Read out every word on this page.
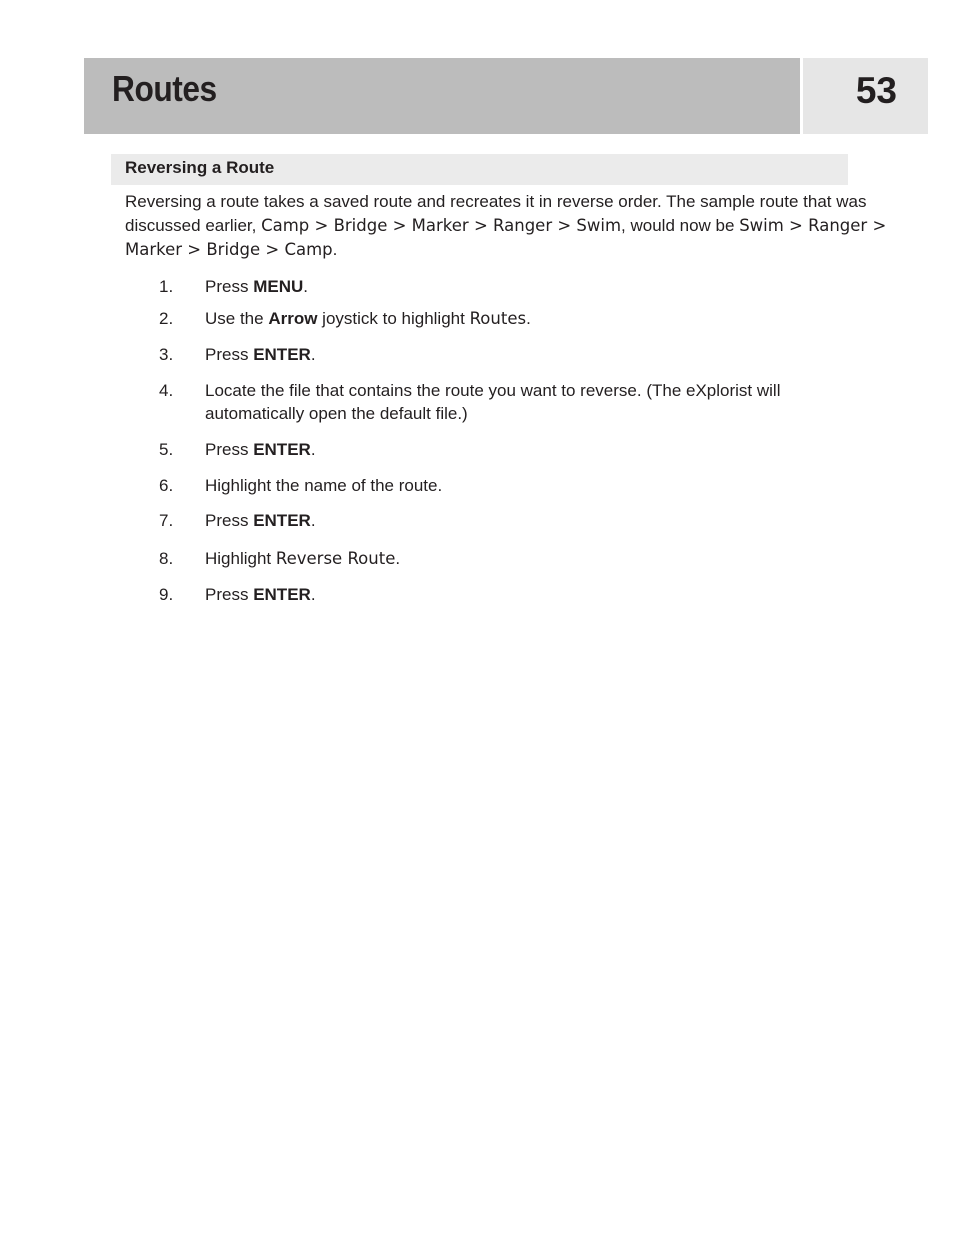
Routes	53
Reversing a Route
Reversing a route takes a saved route and recreates it in reverse order. The sample route that was discussed earlier, Camp > Bridge > Marker > Ranger > Swim, would now be Swim > Ranger > Marker > Bridge > Camp.
1.	Press MENU.
2.	Use the Arrow joystick to highlight Routes.
3.	Press ENTER.
4.	Locate the file that contains the route you want to reverse. (The eXplorist will automatically open the default file.)
5.	Press ENTER.
6.	Highlight the name of the route.
7.	Press ENTER.
8.	Highlight Reverse Route.
9.	Press ENTER.
